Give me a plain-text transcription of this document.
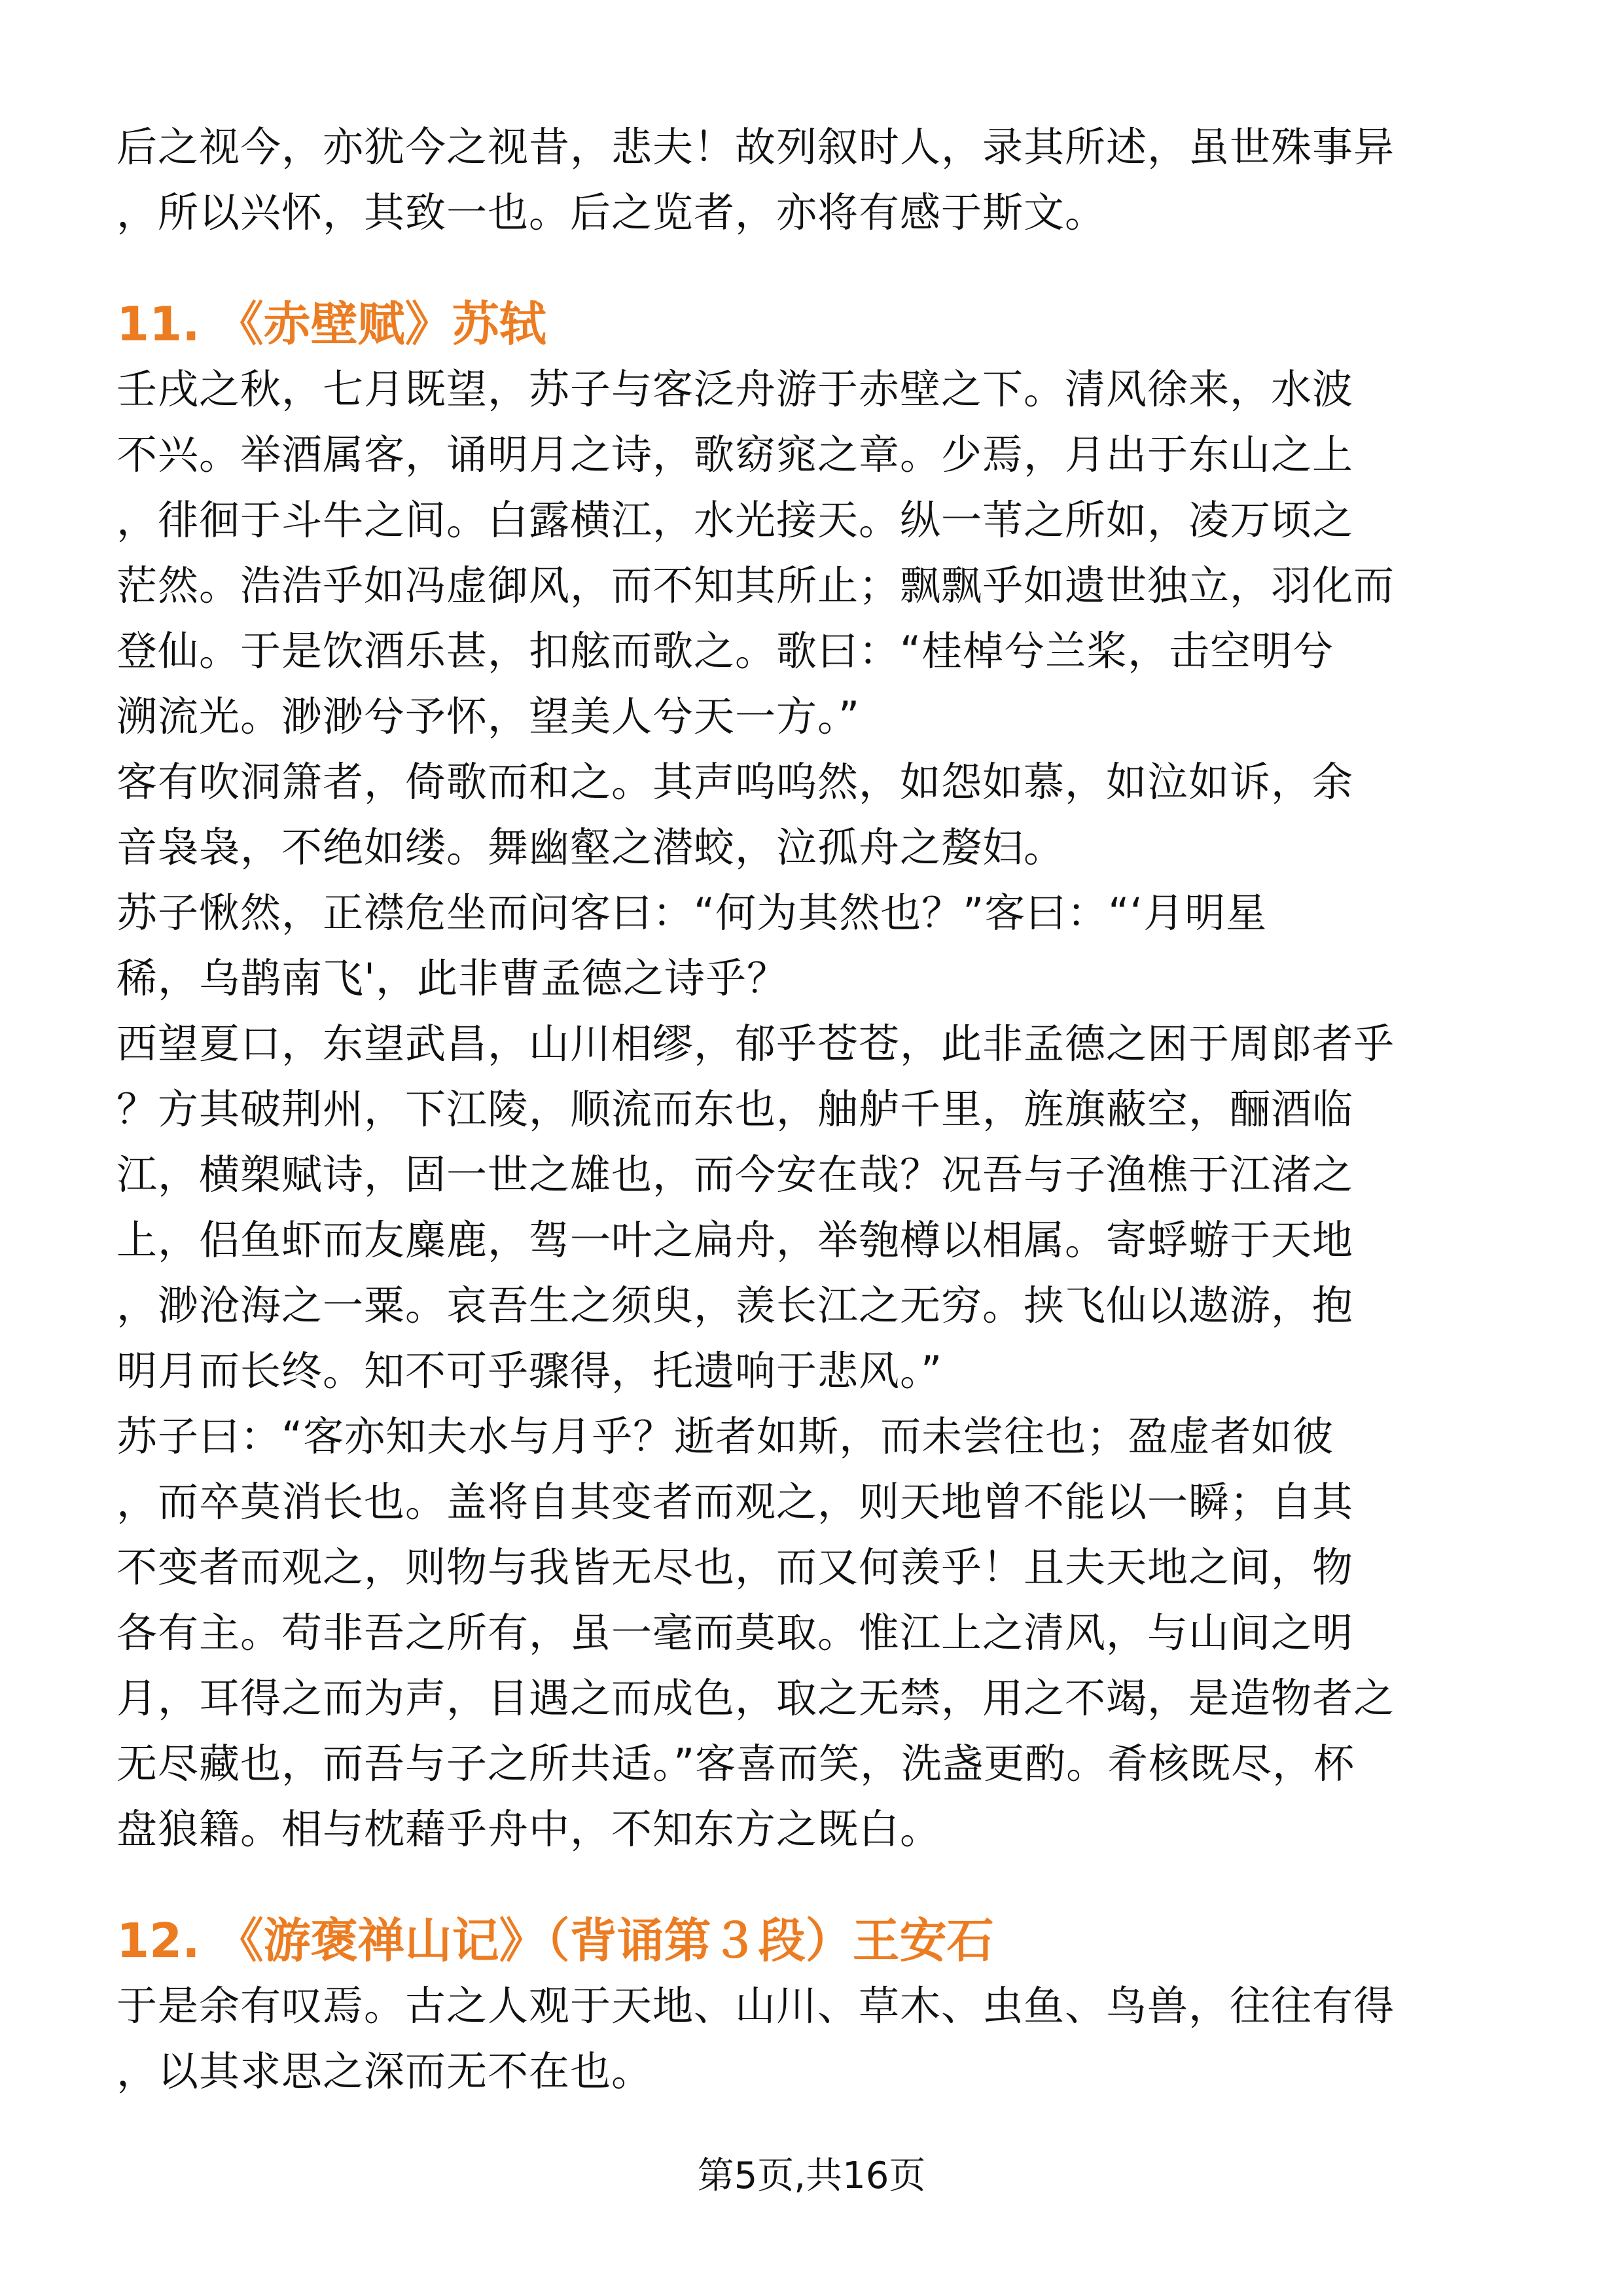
后之视今，亦犹今之视昔，悲夫！故列叙时人，录其所述，虽世殊事异
，所以兴怀，其致一也。后之览者，亦将有感于斯文。
11. 《赤壁赋》苏轼
壬戌之秋，七月既望，苏子与客泛舟游于赤壁之下。清风徐来，水波
不兴。举酒属客，诵明月之诗，歌窈窕之章。少焉，月出于东山之上
，徘徊于斗牛之间。白露横江，水光接天。纵一苇之所如，凌万顷之
茫然。浩浩乎如冯虚御风，而不知其所止；飘飘乎如遗世独立，羽化而
登仙。于是饮酒乐甚，扣舷而歌之。歌曰：“桂棹兮兰桨，击空明兮
溯流光。渺渺兮予怀，望美人兮天一方。”
客有吹洞箫者，倚歌而和之。其声呜呜然，如怨如慕，如泣如诉，余
音袅袅，不绝如缕。舞幽壑之潜蛟，泣孤舟之嫠妇。
苏子愀然，正襟危坐而问客曰：“何为其然也？”客曰：“‘月明星
稀，乌鹊南飞'，此非曹孟德之诗乎？
西望夏口，东望武昌，山川相缪，郁乎苍苍，此非孟德之困于周郎者乎
？方其破荆州，下江陵，顺流而东也，舳舻千里，旌旗蔽空，酾酒临
江，横槊赋诗，固一世之雄也，而今安在哉？况吾与子渔樵于江渚之
上，侣鱼虾而友麋鹿，驾一叶之扁舟，举匏樽以相属。寄蜉蝣于天地
，渺沧海之一粟。哀吾生之须臾，羡长江之无穷。挟飞仙以遨游，抱
明月而长终。知不可乎骤得，托遗响于悲风。”
苏子曰：“客亦知夫水与月乎？逝者如斯，而未尝往也；盈虚者如彼
，而卒莫消长也。盖将自其变者而观之，则天地曾不能以一瞬；自其
不变者而观之，则物与我皆无尽也，而又何羡乎！且夫天地之间，物
各有主。苟非吾之所有，虽一毫而莫取。惟江上之清风，与山间之明
月，耳得之而为声，目遇之而成色，取之无禁，用之不竭，是造物者之
无尽藏也，而吾与子之所共适。”客喜而笑，洗盏更酌。肴核既尽，杯
盘狼籍。相与枕藉乎舟中，不知东方之既白。
12. 《游褒禅山记》（背诵第３段）王安石
于是余有叹焉。古之人观于天地、山川、草木、虫鱼、鸟兽，往往有得
，以其求思之深而无不在也。
第5页,共16页
